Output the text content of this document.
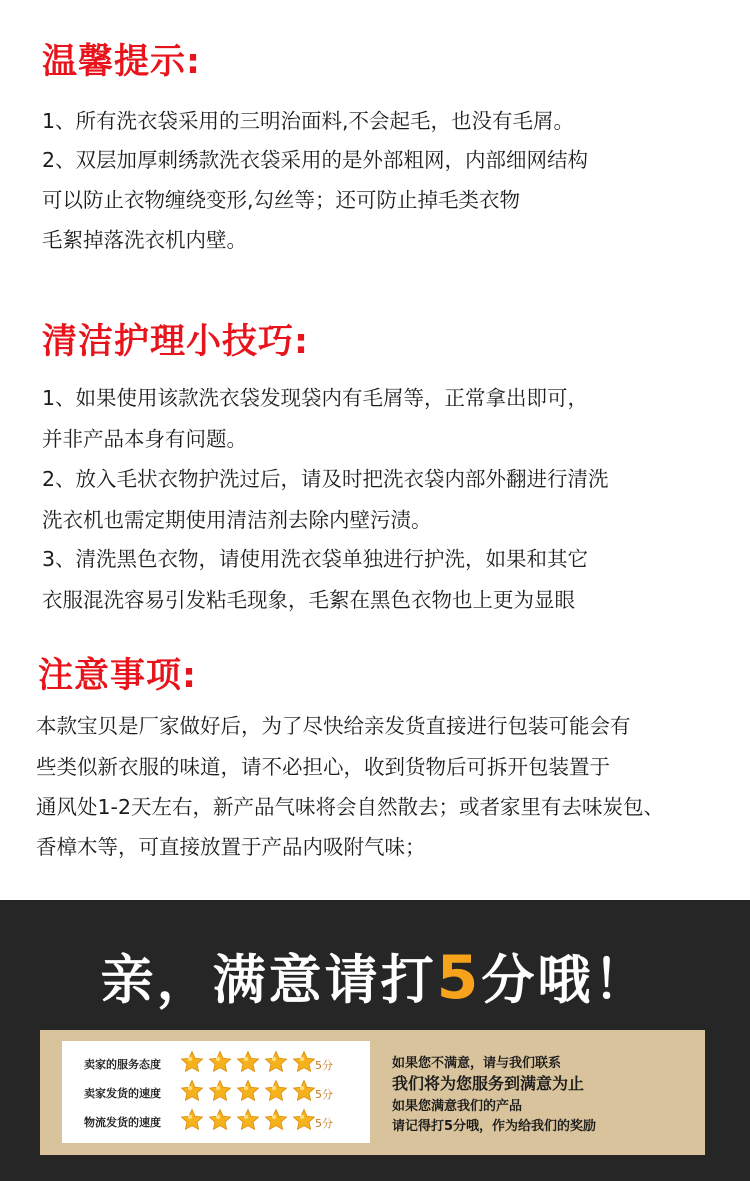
温馨提示:
1、所有洗衣袋采用的三明治面料,不会起毛，也没有毛屑。
2、双层加厚刺绣款洗衣袋采用的是外部粗网，内部细网结构
可以防止衣物缠绕变形,勾丝等；还可防止掉毛类衣物
毛絮掉落洗衣机内壁。
清洁护理小技巧:
1、如果使用该款洗衣袋发现袋内有毛屑等，正常拿出即可，
并非产品本身有问题。
2、放入毛状衣物护洗过后，请及时把洗衣袋内部外翻进行清洗
洗衣机也需定期使用清洁剂去除内壁污渍。
3、清洗黑色衣物，请使用洗衣袋单独进行护洗，如果和其它
衣服混洗容易引发粘毛现象，毛絮在黑色衣物也上更为显眼
注意事项:
本款宝贝是厂家做好后，为了尽快给亲发货直接进行包装可能会有
些类似新衣服的味道，请不必担心，收到货物后可拆开包装置于
通风处1-2天左右，新产品气味将会自然散去；或者家里有去味炭包、
香樟木等，可直接放置于产品内吸附气味；
亲，满意请打5分哦！
卖家的服务态度	5分
卖家发货的速度	5分
物流发货的速度	5分
如果您不满意，请与我们联系
我们将为您服务到满意为止
如果您满意我们的产品
请记得打5分哦，作为给我们的奖励
